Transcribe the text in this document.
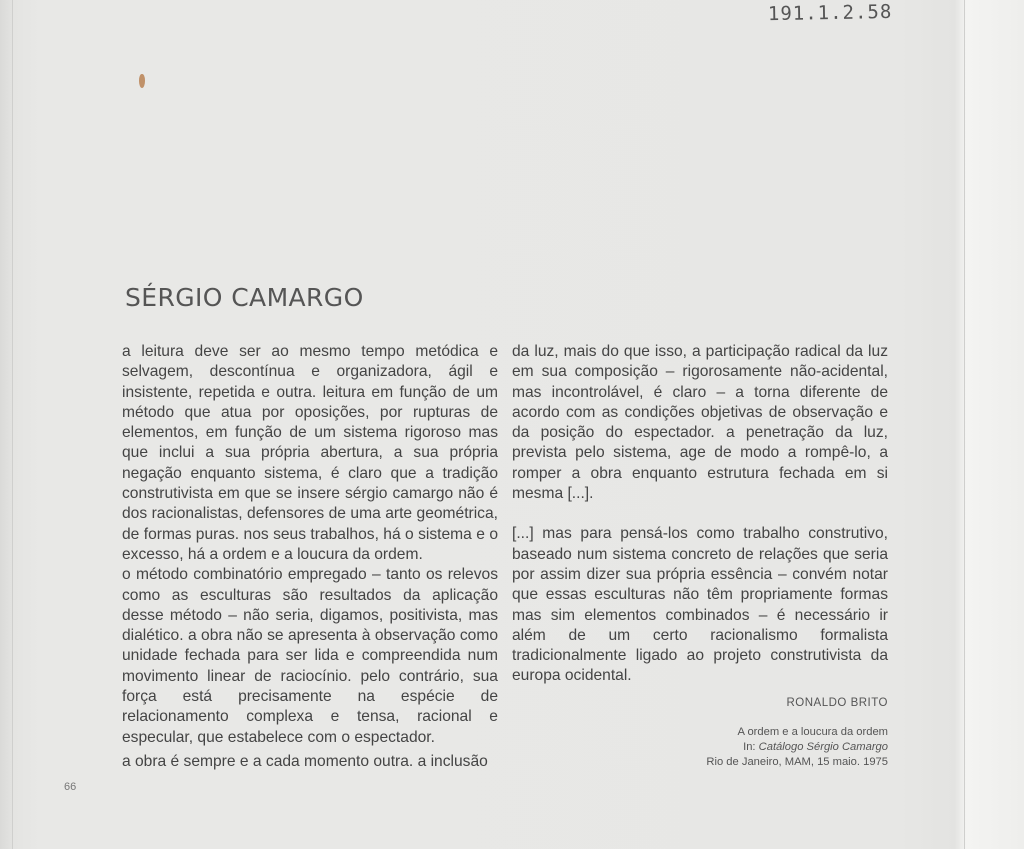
191.1.2.58
SÉRGIO CAMARGO

a leitura deve ser ao mesmo tempo metódica e selvagem, descontínua e organizadora, ágil e insistente, repetida e outra. leitura em função de um método que atua por oposições, por rupturas de elementos, em função de um sistema rigoroso mas que inclui a sua própria abertura, a sua própria negação enquanto sistema, é claro que a tradição construtivista em que se insere sérgio camargo não é dos racionalistas, defensores de uma arte geométrica, de formas puras. nos seus trabalhos, há o sistema e o excesso, há a ordem e a loucura da ordem.

o método combinatório empregado – tanto os relevos como as esculturas são resultados da aplicação desse método – não seria, digamos, positivista, mas dialético. a obra não se apresenta à observação como unidade fechada para ser lida e compreendida num movimento linear de raciocínio. pelo contrário, sua força está precisamente na espécie de relacionamento complexa e tensa, racional e especular, que estabelece com o espectador.

a obra é sempre e a cada momento outra. a inclusão

da luz, mais do que isso, a participação radical da luz em sua composição – rigorosamente não-acidental, mas incontrolável, é claro – a torna diferente de acordo com as condições objetivas de observação e da posição do espectador. a penetração da luz, prevista pelo sistema, age de modo a rompê-lo, a romper a obra enquanto estrutura fechada em si mesma [...].

[...] mas para pensá-los como trabalho construtivo, baseado num sistema concreto de relações que seria por assim dizer sua própria essência – convém notar que essas esculturas não têm propriamente formas mas sim elementos combinados – é necessário ir além de um certo racionalismo formalista tradicionalmente ligado ao projeto construtivista da europa ocidental.

RONALDO BRITO
A ordem e a loucura da ordem
In: Catálogo Sérgio Camargo
Rio de Janeiro, MAM, 15 maio. 1975
66
